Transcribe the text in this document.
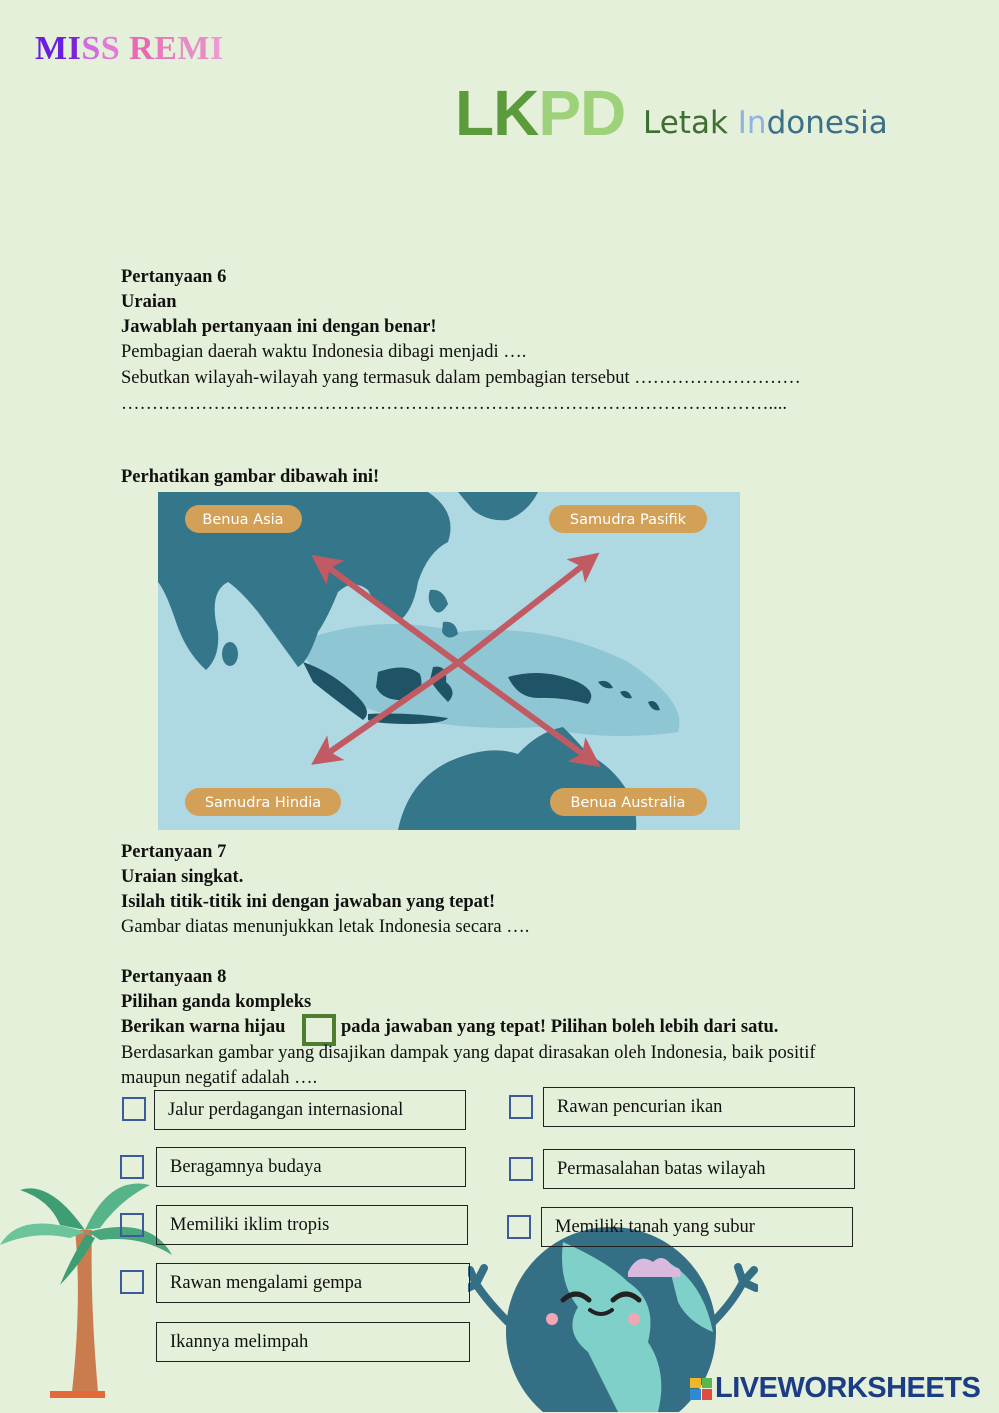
MISS REMI
LKPD Letak Indonesia
Pertanyaan 6
Uraian
Jawablah pertanyaan ini dengan benar!
Pembagian daerah waktu Indonesia dibagi menjadi ….
Sebutkan wilayah-wilayah yang termasuk dalam pembagian tersebut ………………………
……………………………………………………………………………………………....
Perhatikan gambar dibawah ini!
Benua Asia	Samudra Pasifik
Samudra Hindia	Benua Australia
Pertanyaan 7
Uraian singkat.
Isilah titik-titik ini dengan jawaban yang tepat!
Gambar diatas menunjukkan letak Indonesia secara ….
Pertanyaan 8
Pilihan ganda kompleks
Berikan warna hijau	pada jawaban yang tepat! Pilihan boleh lebih dari satu.
Berdasarkan gambar yang disajikan dampak yang dapat dirasakan oleh Indonesia, baik positif
maupun negatif adalah ….
Jalur perdagangan internasional
Beragamnya budaya
Memiliki iklim tropis
Rawan mengalami gempa
Ikannya melimpah
Rawan pencurian ikan
Permasalahan batas wilayah
Memiliki tanah yang subur
LIVEWORKSHEETS
